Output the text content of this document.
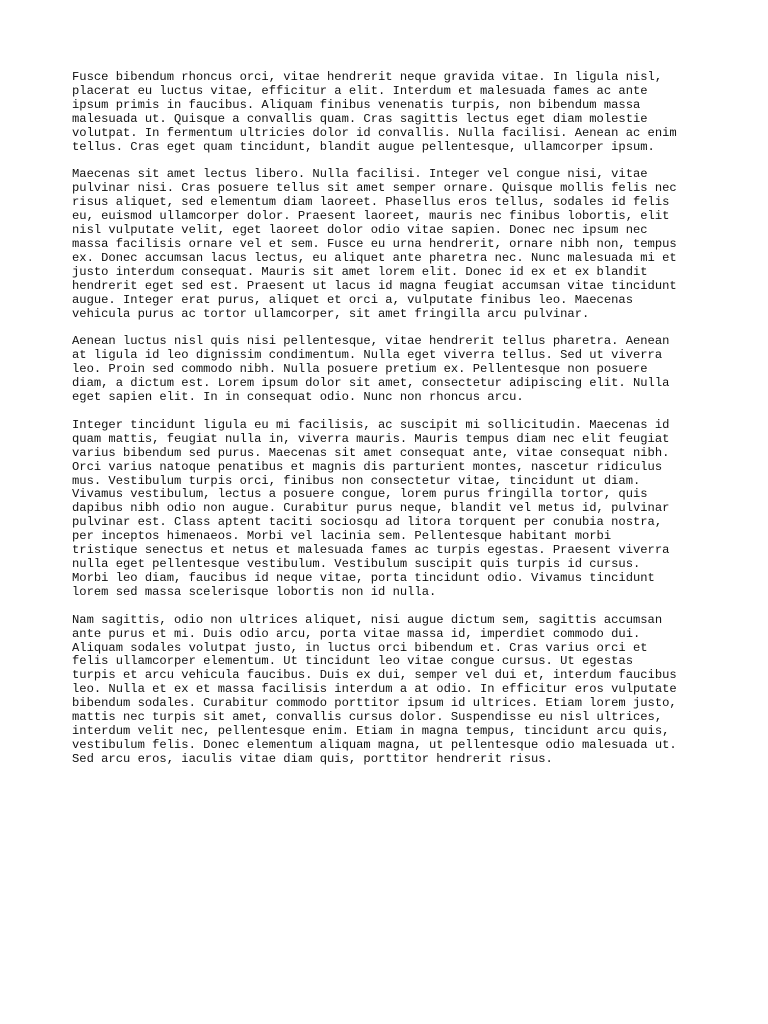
Fusce bibendum rhoncus orci, vitae hendrerit neque gravida vitae. In ligula nisl,
placerat eu luctus vitae, efficitur a elit. Interdum et malesuada fames ac ante
ipsum primis in faucibus. Aliquam finibus venenatis turpis, non bibendum massa
malesuada ut. Quisque a convallis quam. Cras sagittis lectus eget diam molestie
volutpat. In fermentum ultricies dolor id convallis. Nulla facilisi. Aenean ac enim
tellus. Cras eget quam tincidunt, blandit augue pellentesque, ullamcorper ipsum.

Maecenas sit amet lectus libero. Nulla facilisi. Integer vel congue nisi, vitae
pulvinar nisi. Cras posuere tellus sit amet semper ornare. Quisque mollis felis nec
risus aliquet, sed elementum diam laoreet. Phasellus eros tellus, sodales id felis
eu, euismod ullamcorper dolor. Praesent laoreet, mauris nec finibus lobortis, elit
nisl vulputate velit, eget laoreet dolor odio vitae sapien. Donec nec ipsum nec
massa facilisis ornare vel et sem. Fusce eu urna hendrerit, ornare nibh non, tempus
ex. Donec accumsan lacus lectus, eu aliquet ante pharetra nec. Nunc malesuada mi et
justo interdum consequat. Mauris sit amet lorem elit. Donec id ex et ex blandit
hendrerit eget sed est. Praesent ut lacus id magna feugiat accumsan vitae tincidunt
augue. Integer erat purus, aliquet et orci a, vulputate finibus leo. Maecenas
vehicula purus ac tortor ullamcorper, sit amet fringilla arcu pulvinar.

Aenean luctus nisl quis nisi pellentesque, vitae hendrerit tellus pharetra. Aenean
at ligula id leo dignissim condimentum. Nulla eget viverra tellus. Sed ut viverra
leo. Proin sed commodo nibh. Nulla posuere pretium ex. Pellentesque non posuere
diam, a dictum est. Lorem ipsum dolor sit amet, consectetur adipiscing elit. Nulla
eget sapien elit. In in consequat odio. Nunc non rhoncus arcu.

Integer tincidunt ligula eu mi facilisis, ac suscipit mi sollicitudin. Maecenas id
quam mattis, feugiat nulla in, viverra mauris. Mauris tempus diam nec elit feugiat
varius bibendum sed purus. Maecenas sit amet consequat ante, vitae consequat nibh.
Orci varius natoque penatibus et magnis dis parturient montes, nascetur ridiculus
mus. Vestibulum turpis orci, finibus non consectetur vitae, tincidunt ut diam.
Vivamus vestibulum, lectus a posuere congue, lorem purus fringilla tortor, quis
dapibus nibh odio non augue. Curabitur purus neque, blandit vel metus id, pulvinar
pulvinar est. Class aptent taciti sociosqu ad litora torquent per conubia nostra,
per inceptos himenaeos. Morbi vel lacinia sem. Pellentesque habitant morbi
tristique senectus et netus et malesuada fames ac turpis egestas. Praesent viverra
nulla eget pellentesque vestibulum. Vestibulum suscipit quis turpis id cursus.
Morbi leo diam, faucibus id neque vitae, porta tincidunt odio. Vivamus tincidunt
lorem sed massa scelerisque lobortis non id nulla.

Nam sagittis, odio non ultrices aliquet, nisi augue dictum sem, sagittis accumsan
ante purus et mi. Duis odio arcu, porta vitae massa id, imperdiet commodo dui.
Aliquam sodales volutpat justo, in luctus orci bibendum et. Cras varius orci et
felis ullamcorper elementum. Ut tincidunt leo vitae congue cursus. Ut egestas
turpis et arcu vehicula faucibus. Duis ex dui, semper vel dui et, interdum faucibus
leo. Nulla et ex et massa facilisis interdum a at odio. In efficitur eros vulputate
bibendum sodales. Curabitur commodo porttitor ipsum id ultrices. Etiam lorem justo,
mattis nec turpis sit amet, convallis cursus dolor. Suspendisse eu nisl ultrices,
interdum velit nec, pellentesque enim. Etiam in magna tempus, tincidunt arcu quis,
vestibulum felis. Donec elementum aliquam magna, ut pellentesque odio malesuada ut.
Sed arcu eros, iaculis vitae diam quis, porttitor hendrerit risus.
